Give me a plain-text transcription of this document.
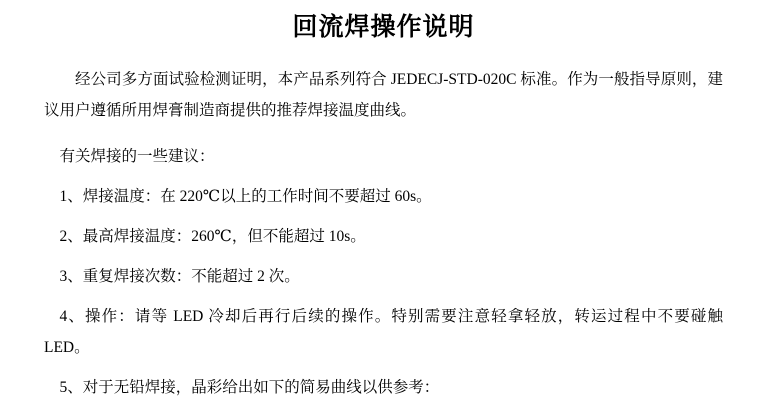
回流焊操作说明

经公司多方面试验检测证明，本产品系列符合 JEDECJ-STD-020C 标准。作为一般指导原则，建议用户遵循所用焊膏制造商提供的推荐焊接温度曲线。

有关焊接的一些建议：

1、焊接温度：在 220℃以上的工作时间不要超过 60s。

2、最高焊接温度：260℃，但不能超过 10s。

3、重复焊接次数：不能超过 2 次。

4、操作：请等 LED 冷却后再行后续的操作。特别需要注意轻拿轻放，转运过程中不要碰触 LED。

5、对于无铅焊接，晶彩给出如下的简易曲线以供参考：
